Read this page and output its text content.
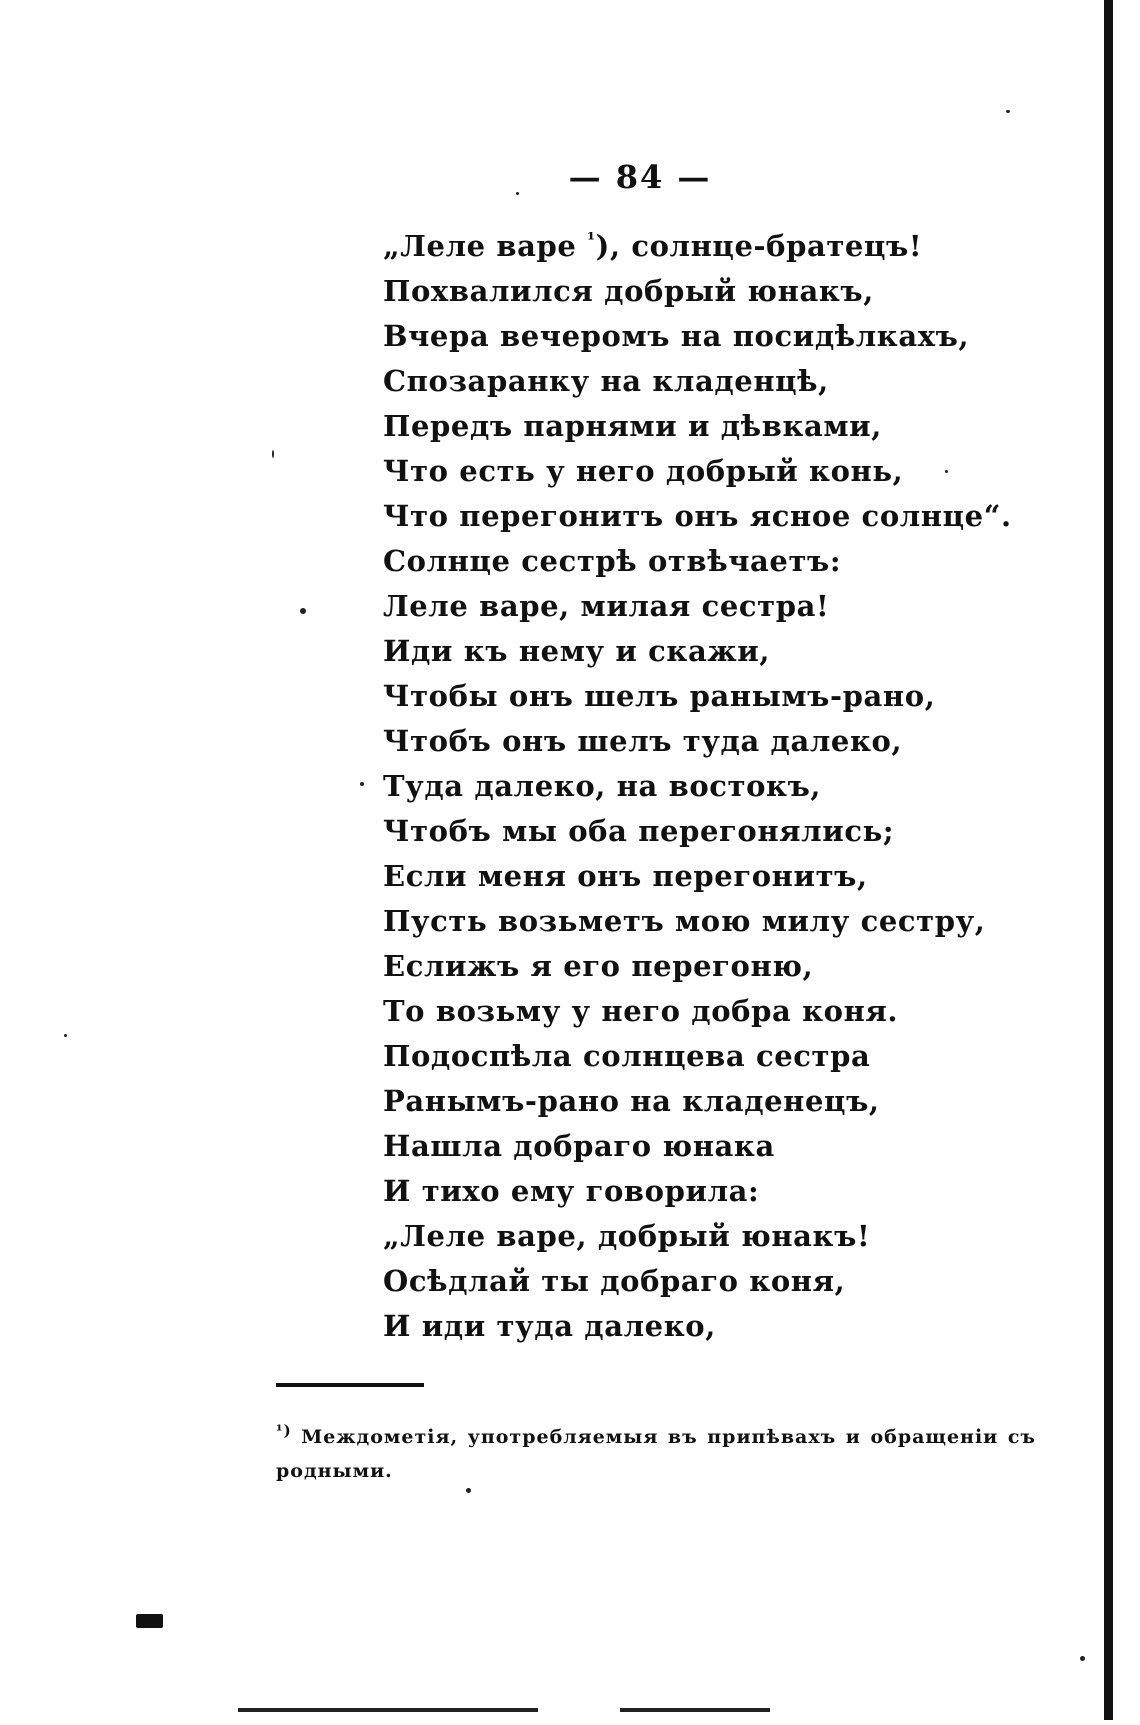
— 84 —
„Леле варе $^{^1}$), солнце-братецъ!
Похвалился добрый юнакъ,
Вчера вечеромъ на посидѣлкахъ,
Спозаранку на кладенцѣ,
Передъ парнями и дѣвками,
Что есть у него добрый конь,
Что перегонитъ онъ ясное солнце“.
Солнце сестрѣ отвѣчаетъ:
Леле варе, милая сестра!
Иди къ нему и скажи,
Чтобы онъ шелъ ранымъ-рано,
Чтобъ онъ шелъ туда далеко,
Туда далеко, на востокъ,
Чтобъ мы оба перегонялись;
Если меня онъ перегонитъ,
Пусть возьметъ мою милу сестру,
Еслижъ я его перегоню,
То возьму у него добра коня.
Подоспѣла солнцева сестра
Ранымъ-рано на кладенецъ,
Нашла добраго юнака
И тихо ему говорила:
„Леле варе, добрый юнакъ!
Осѣдлай ты добраго коня,
И иди туда далеко,
$^{^1)}$ Междометія, употребляемыя въ припѣвахъ и обращеніи съ
родными.
